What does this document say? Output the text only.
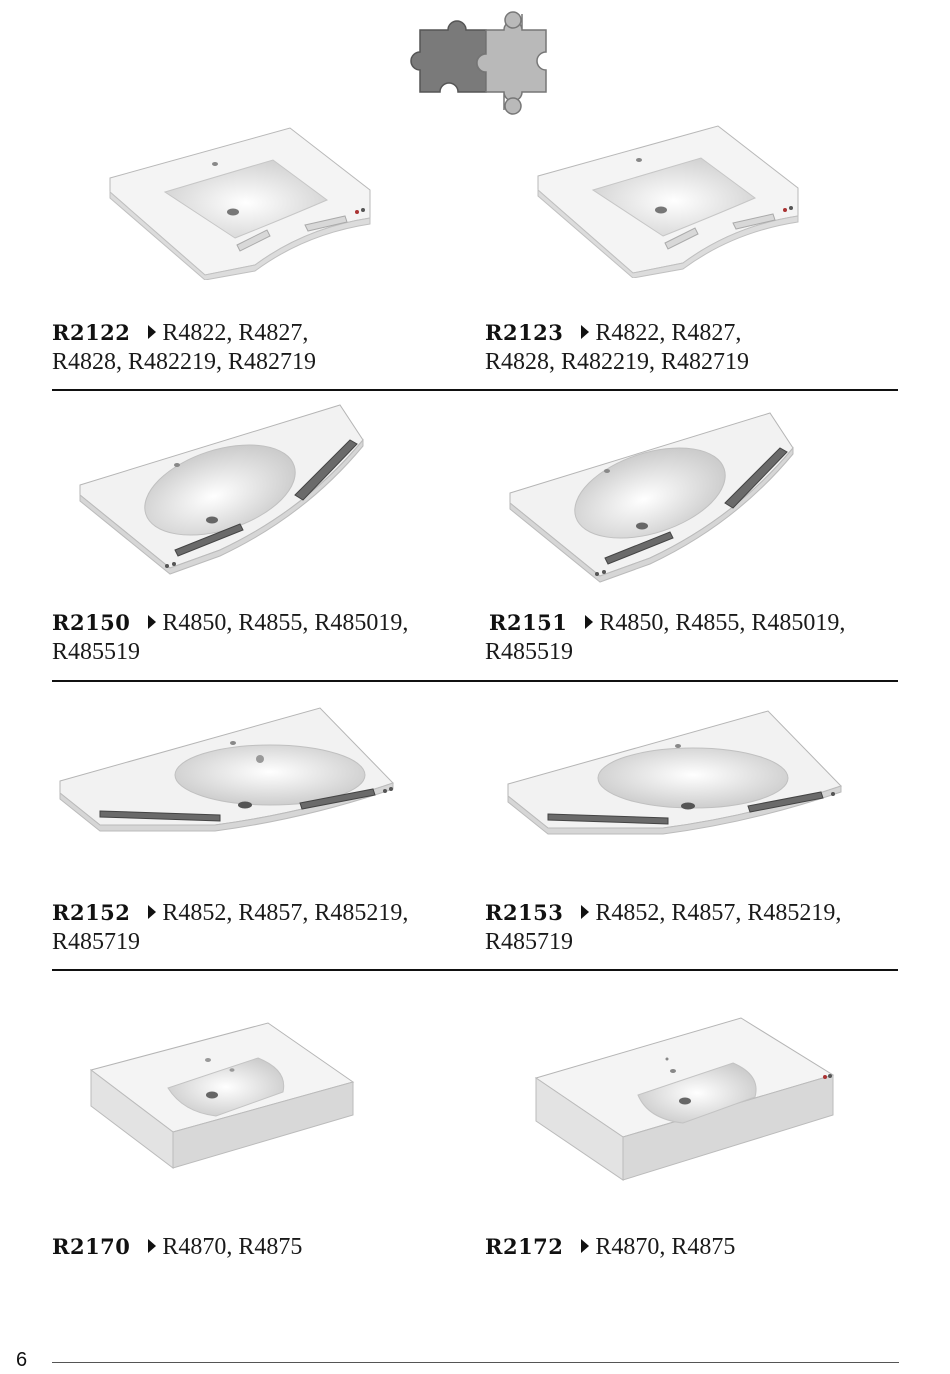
R2122 R4822, R4827,
R4828, R482219, R482719
R2123 R4822, R4827,
R4828, R482219, R482719
R2150 R4850, R4855, R485019,
R485519
R2151 R4850, R4855, R485019,
R485519
R2152 R4852, R4857, R485219,
R485719
R2153 R4852, R4857, R485219,
R485719
R2170 R4870, R4875	R2172 R4870, R4875
6
